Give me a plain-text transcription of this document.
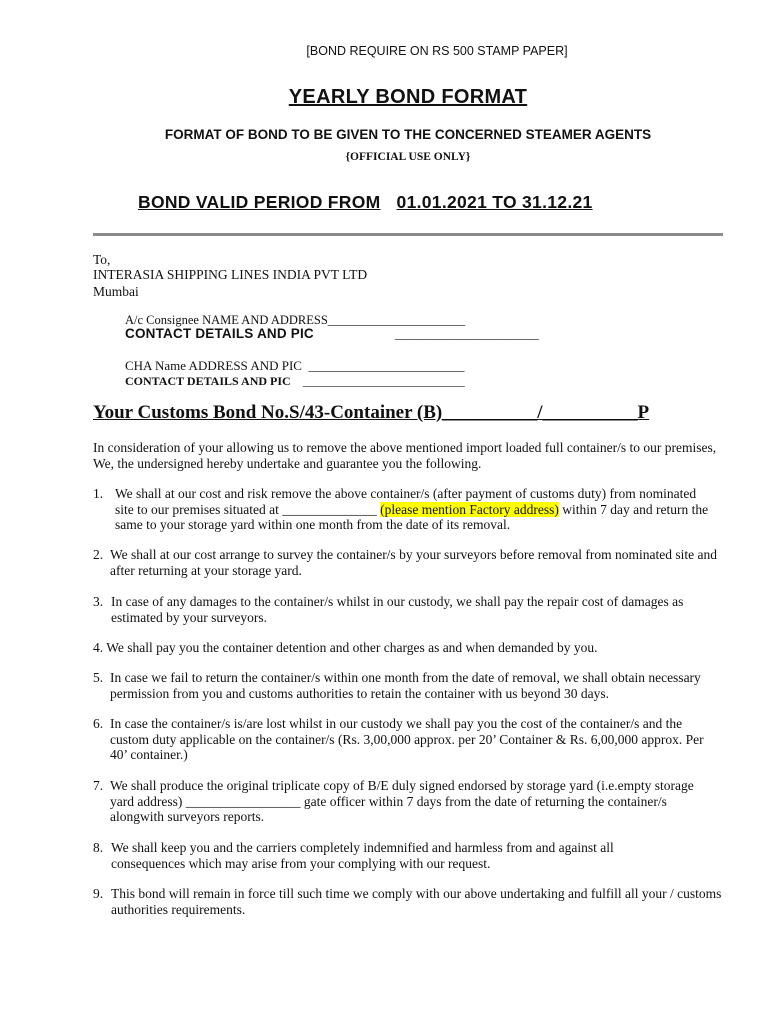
[BOND REQUIRE ON RS 500 STAMP PAPER]
YEARLY BOND FORMAT
FORMAT OF BOND TO BE GIVEN TO THE CONCERNED STEAMER AGENTS
{OFFICIAL USE ONLY}
BOND VALID PERIOD FROM 01.01.2021 TO 31.12.21
To,
INTERASIA SHIPPING LINES INDIA PVT LTD
Mumbai
A/c Consignee NAME AND ADDRESS______________________
CONTACT DETAILS AND PIC	_______________________
CHA Name ADDRESS AND PIC ________________________
CONTACT DETAILS AND PIC ___________________________
Your Customs Bond No.S/43-Container (B)__________/__________P
In consideration of your allowing us to remove the above mentioned import loaded full container/s to our premises, We, the undersigned hereby undertake and guarantee you the following.
1. We shall at our cost and risk remove the above container/s (after payment of customs duty) from nominated site to our premises situated at ______________ (please mention Factory address) within 7 day and return the same to your storage yard within one month from the date of its removal.
2. We shall at our cost arrange to survey the container/s by your surveyors before removal from nominated site and after returning at your storage yard.
3. In case of any damages to the container/s whilst in our custody, we shall pay the repair cost of damages as estimated by your surveyors.
4. We shall pay you the container detention and other charges as and when demanded by you.
5. In case we fail to return the container/s within one month from the date of removal, we shall obtain necessary permission from you and customs authorities to retain the container with us beyond 30 days.
6. In case the container/s is/are lost whilst in our custody we shall pay you the cost of the container/s and the custom duty applicable on the container/s (Rs. 3,00,000 approx. per 20’ Container & Rs. 6,00,000 approx. Per 40’ container.)
7. We shall produce the original triplicate copy of B/E duly signed endorsed by storage yard (i.e.empty storage yard address) _________________ gate officer within 7 days from the date of returning the container/s alongwith surveyors reports.
8. We shall keep you and the carriers completely indemnified and harmless from and against all consequences which may arise from your complying with our request.
9. This bond will remain in force till such time we comply with our above undertaking and fulfill all your / customs authorities requirements.
